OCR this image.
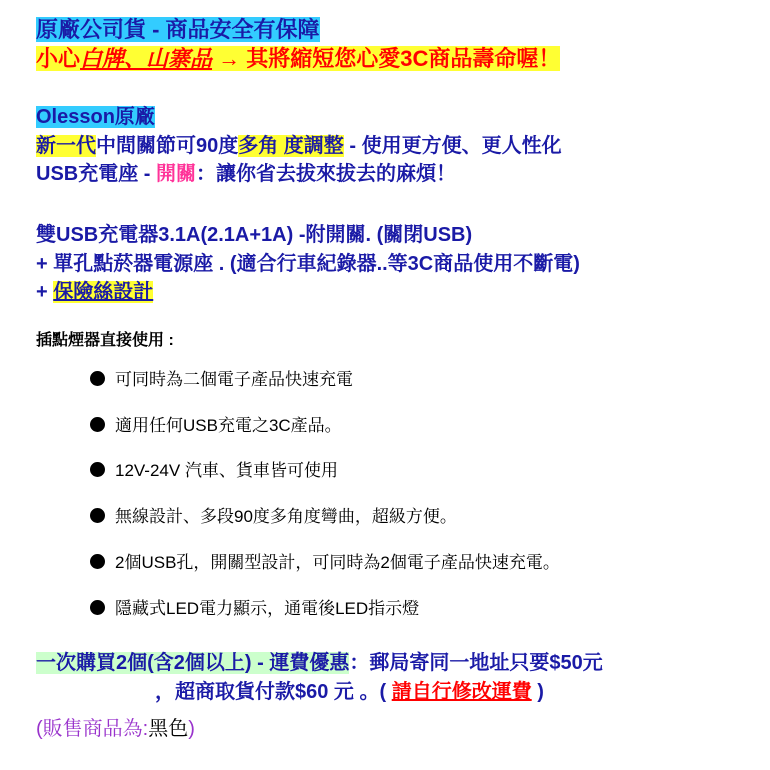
原廠公司貨 - 商品安全有保障
小心白牌、山寨品 → 其將縮短您心愛3C商品壽命喔！
Olesson原廠
新一代中間關節可90度多角 度調整 - 使用更方便、更人性化
USB充電座 - 開關：讓你省去拔來拔去的麻煩！
雙USB充電器3.1A(2.1A+1A) -附開關. (關閉USB)
+ 單孔點菸器電源座 . (適合行車紀錄器..等3C商品使用不斷電)
+ 保險絲設計
插點煙器直接使用 :
可同時為二個電子產品快速充電
適用任何USB充電之3C產品。
12V-24V 汽車、貨車皆可使用
無線設計、多段90度多角度彎曲，超級方便。
2個USB孔，開關型設計，可同時為2個電子產品快速充電。
隱藏式LED電力顯示，通電後LED指示燈
一次購買2個(含2個以上) - 運費優惠：郵局寄同一地址只要$50元
，超商取貨付款$60 元 。( 請自行修改運費 )
(販售商品為:黑色)
